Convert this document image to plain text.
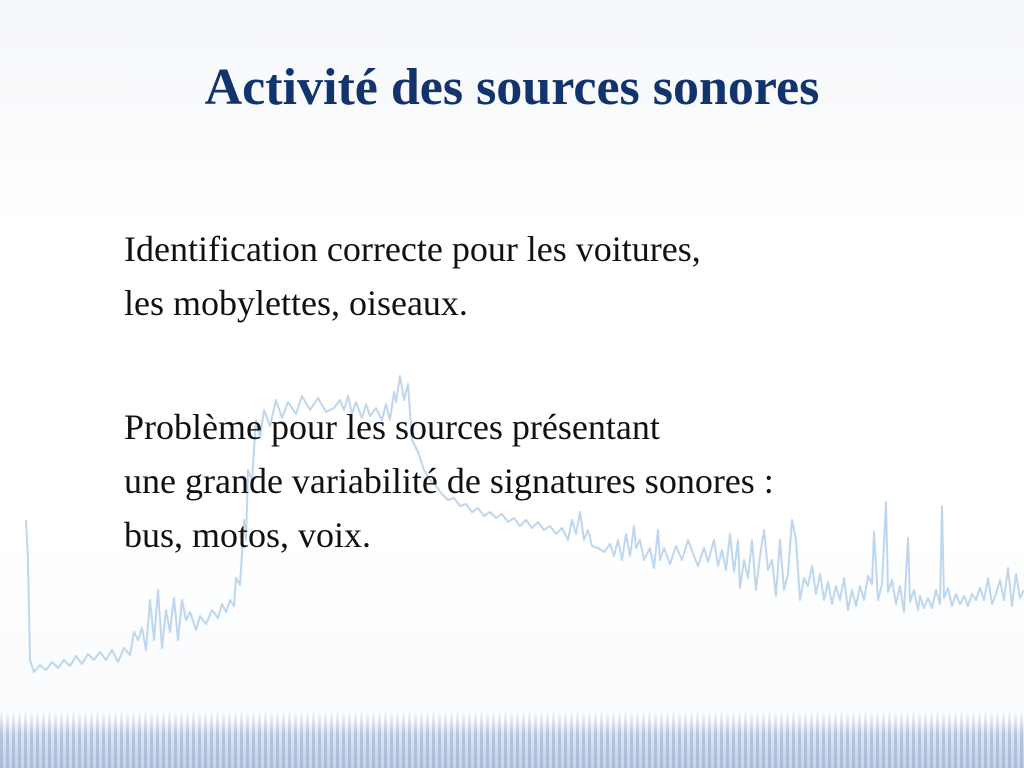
Activité des sources sonores

Identification correcte pour les voitures,
les mobylettes, oiseaux.

Problème pour les sources présentant
une grande variabilité de signatures sonores :
bus, motos, voix.
